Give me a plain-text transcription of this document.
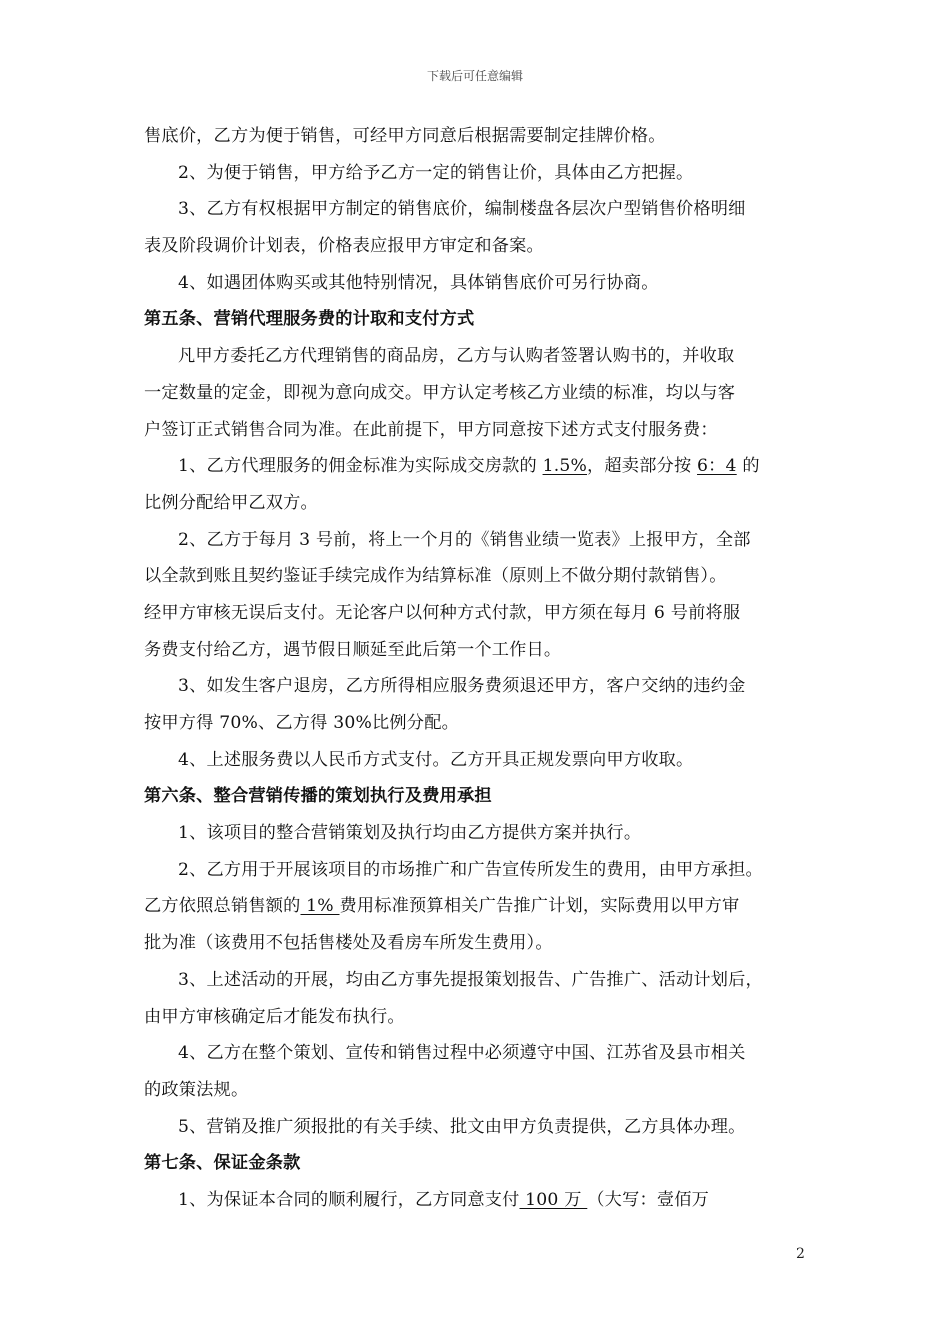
下载后可任意编辑
售底价，乙方为便于销售，可经甲方同意后根据需要制定挂牌价格。
2、为便于销售，甲方给予乙方一定的销售让价，具体由乙方把握。
3、乙方有权根据甲方制定的销售底价，编制楼盘各层次户型销售价格明细
表及阶段调价计划表，价格表应报甲方审定和备案。
4、如遇团体购买或其他特别情况，具体销售底价可另行协商。
第五条、营销代理服务费的计取和支付方式
凡甲方委托乙方代理销售的商品房，乙方与认购者签署认购书的，并收取
一定数量的定金，即视为意向成交。甲方认定考核乙方业绩的标准，均以与客
户签订正式销售合同为准。在此前提下，甲方同意按下述方式支付服务费：
1、乙方代理服务的佣金标准为实际成交房款的 1.5%，超卖部分按 6：4 的
比例分配给甲乙双方。
2、乙方于每月 3 号前，将上一个月的《销售业绩一览表》上报甲方，全部
以全款到账且契约鉴证手续完成作为结算标准（原则上不做分期付款销售）。
经甲方审核无误后支付。无论客户以何种方式付款，甲方须在每月 6 号前将服
务费支付给乙方，遇节假日顺延至此后第一个工作日。
3、如发生客户退房，乙方所得相应服务费须退还甲方，客户交纳的违约金
按甲方得 70%、乙方得 30%比例分配。
4、上述服务费以人民币方式支付。乙方开具正规发票向甲方收取。
第六条、整合营销传播的策划执行及费用承担
1、该项目的整合营销策划及执行均由乙方提供方案并执行。
2、乙方用于开展该项目的市场推广和广告宣传所发生的费用，由甲方承担。
乙方依照总销售额的 1% 费用标准预算相关广告推广计划，实际费用以甲方审
批为准（该费用不包括售楼处及看房车所发生费用）。
3、上述活动的开展，均由乙方事先提报策划报告、广告推广、活动计划后，
由甲方审核确定后才能发布执行。
4、乙方在整个策划、宣传和销售过程中必须遵守中国、江苏省及县市相关
的政策法规。
5、营销及推广须报批的有关手续、批文由甲方负责提供，乙方具体办理。
第七条、保证金条款
1、为保证本合同的顺利履行，乙方同意支付 100 万 （大写：壹佰万
2
